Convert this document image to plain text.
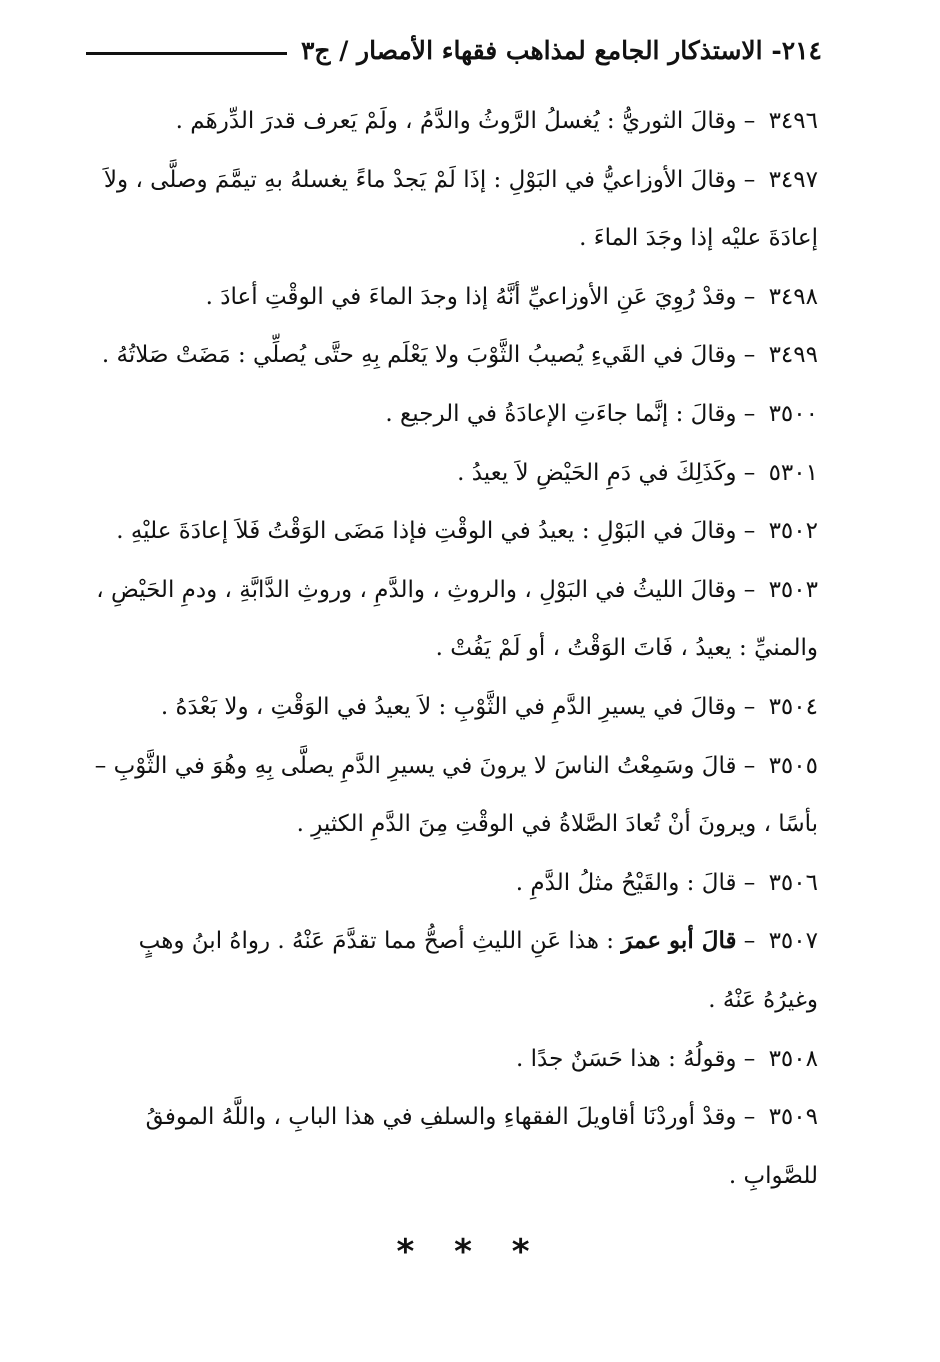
٢١٤- الاستذكار الجامع لمذاهب فقهاء الأمصار / ج٣

٣٤٩٦ – وقالَ الثوريُّ : يُغسلُ الرَّوثُ والدَّمُ ، ولَمْ يَعرف قدرَ الدِّرهَم .

٣٤٩٧ – وقالَ الأوزاعيُّ في البَوْلِ : إذَا لَمْ يَجدْ ماءً يغسلهُ بهِ تيمَّمَ وصلَّى ، ولاَ إعادَةَ عليْه إذا وجَدَ الماءَ .

٣٤٩٨ – وقدْ رُوِيَ عَنِ الأوزاعيِّ أنَّهُ إذا وجدَ الماءَ في الوقْتِ أعادَ .

٣٤٩٩ – وقالَ في القَيءِ يُصيبُ الثَّوْبَ ولا يَعْلَم بِهِ حتَّى يُصلِّي : مَضَتْ صَلاتُهُ .

٣٥٠٠ – وقالَ : إنَّما جاءَتِ الإعادَةُ في الرجيع .

٥٣٠١ – وكَذَلِكَ في دَمِ الحَيْضِ لاَ يعيدُ .

٣٥٠٢ – وقالَ في البَوْلِ : يعيدُ في الوقْتِ فإذا مَضَى الوَقْتُ فَلاَ إعادَةَ عليْهِ .

٣٥٠٣ – وقالَ الليثُ في البَوْلِ ، والروثِ ، والدَّمِ ، وروثِ الدَّابَّةِ ، ودمِ الحَيْضِ ، والمنيِّ : يعيدُ ، فَاتَ الوَقْتُ ، أو لَمْ يَفُتْ .

٣٥٠٤ – وقالَ في يسيرِ الدَّمِ في الثَّوْبِ : لاَ يعيدُ في الوَقْتِ ، ولا بَعْدَهُ .

٣٥٠٥ – قالَ وسَمِعْتُ الناسَ لا يرونَ في يسيرِ الدَّمِ يصلَّى بِهِ وهُوَ في الثَّوْبِ – بأسًا ، ويرونَ أنْ تُعادَ الصَّلاةُ في الوقْتِ مِنَ الدَّمِ الكثيرِ .

٣٥٠٦ – قالَ : والقَيْحُ مثلُ الدَّمِ .

٣٥٠٧ – قالَ أبو عمرَ : هذا عَنِ الليثِ أصحُّ مما تقدَّمَ عَنْهُ . رواهُ ابنُ وهبٍ وغيرُهُ عَنْهُ .

٣٥٠٨ – وقولُهُ : هذا حَسَنٌ جدًا .

٣٥٠٩ – وقدْ أوردْنَا أقاويلَ الفقهاءِ والسلفِ في هذا البابِ ، واللَّهُ الموفقُ للصَّوابِ .

* * *
